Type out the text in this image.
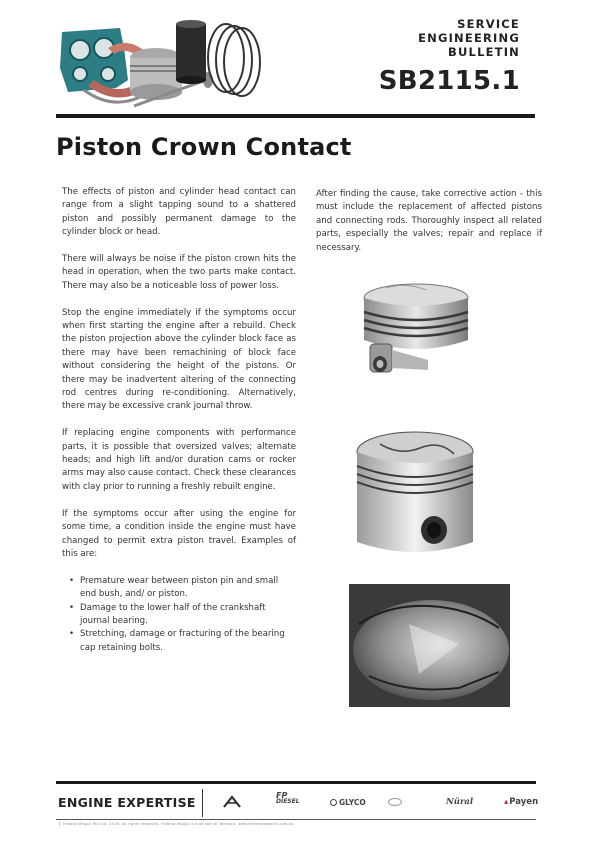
SERVICE
ENGINEERING
BULLETIN
SB2115.1
Piston Crown Contact

The effects of piston and cylinder head contact can range from a slight tapping sound to a shattered piston and possibly permanent damage to the cylinder block or head.

There will always be noise if the piston crown hits the head in operation, when the two parts make contact. There may also be a noticeable loss of power loss.

Stop the engine immediately if the symptoms occur when first starting the engine after a rebuild. Check the piston projection above the cylinder block face as there may have been remachining of block face without considering the height of the pistons. Or there may be inadvertent altering of the connecting rod centres during re-conditioning. Alternatively, there may be excessive crank journal throw.

If replacing engine components with performance parts, it is possible that oversized valves; alternate heads; and high lift and/or duration cams or rocker arms may also cause contact. Check these clearances with clay prior to running a freshly rebuilt engine.

If the symptoms occur after using the engine for some time, a condition inside the engine must have changed to permit extra piston travel. Examples of this are:

• Premature wear between piston pin and small end bush, and/ or piston.
• Damage to the lower half of the crankshaft journal bearing.
• Stretching, damage or fracturing of the bearing cap retaining bolts.

After finding the cause, take corrective action - this must include the replacement of affected pistons and connecting rods. Thoroughly inspect all related parts, especially the valves; repair and replace if necessary.

ENGINE EXPERTISE	FP
DIESEL	GLYCO	Nüral	▴ Payen
© Federal-Mogul Pty Ltd. 2019. All rights reserved. Federal-Mogul is now part of Tenneco. www.fmemotorparts.com.au
